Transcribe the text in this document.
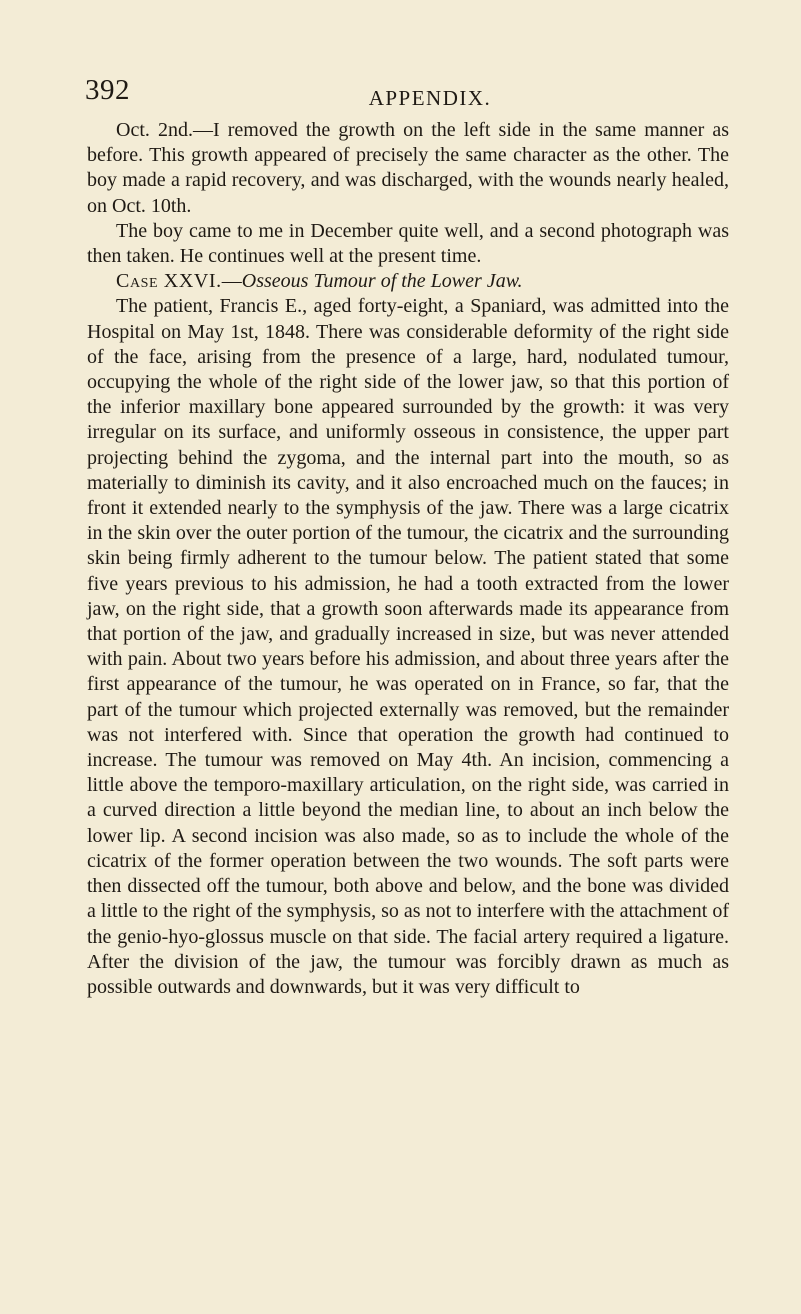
392	APPENDIX.

Oct. 2nd.—I removed the growth on the left side in the same manner as before. This growth appeared of precisely the same character as the other. The boy made a rapid recovery, and was discharged, with the wounds nearly healed, on Oct. 10th.

The boy came to me in December quite well, and a second photograph was then taken. He continues well at the present time.

Case XXVI.—Osseous Tumour of the Lower Jaw.

The patient, Francis E., aged forty-eight, a Spaniard, was admitted into the Hospital on May 1st, 1848. There was considerable deformity of the right side of the face, arising from the presence of a large, hard, nodulated tumour, occupying the whole of the right side of the lower jaw, so that this portion of the inferior maxillary bone appeared surrounded by the growth: it was very irregular on its surface, and uniformly osseous in consistence, the upper part projecting behind the zygoma, and the internal part into the mouth, so as materially to diminish its cavity, and it also encroached much on the fauces; in front it extended nearly to the symphysis of the jaw. There was a large cicatrix in the skin over the outer portion of the tumour, the cicatrix and the surrounding skin being firmly adherent to the tumour below. The patient stated that some five years previous to his admission, he had a tooth extracted from the lower jaw, on the right side, that a growth soon afterwards made its appearance from that portion of the jaw, and gradually increased in size, but was never attended with pain. About two years before his admission, and about three years after the first appearance of the tumour, he was operated on in France, so far, that the part of the tumour which projected externally was removed, but the remainder was not interfered with. Since that operation the growth had continued to increase. The tumour was removed on May 4th. An incision, commencing a little above the temporo-maxillary articulation, on the right side, was carried in a curved direction a little beyond the median line, to about an inch below the lower lip. A second incision was also made, so as to include the whole of the cicatrix of the former operation between the two wounds. The soft parts were then dissected off the tumour, both above and below, and the bone was divided a little to the right of the symphysis, so as not to interfere with the attachment of the genio-hyo-glossus muscle on that side. The facial artery required a ligature. After the division of the jaw, the tumour was forcibly drawn as much as possible outwards and downwards, but it was very difficult to
